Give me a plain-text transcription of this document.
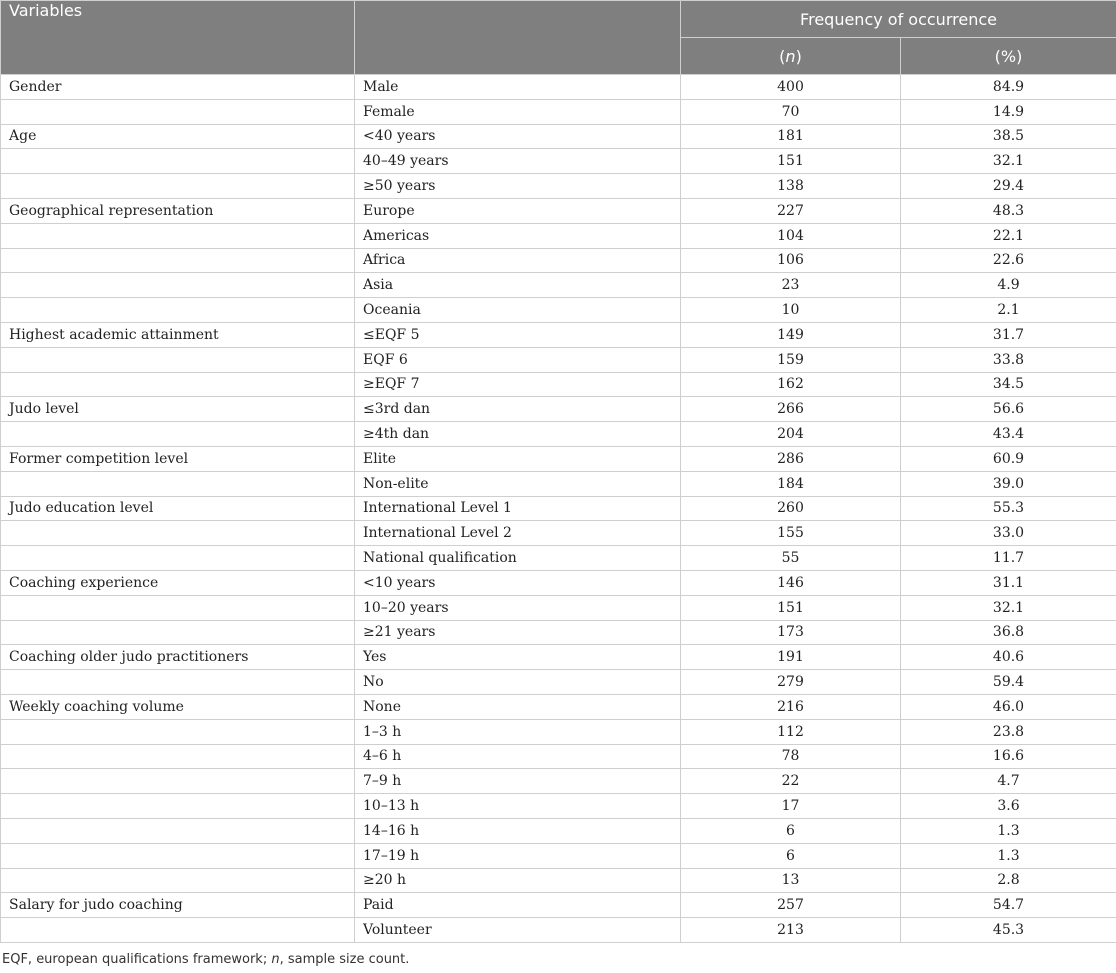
Variables		Frequency of occurrence	
		(n)	(%)
Gender	Male	400	84.9
	Female	70	14.9
Age	<40 years	181	38.5
	40–49 years	151	32.1
	≥50 years	138	29.4
Geographical representation	Europe	227	48.3
	Americas	104	22.1
	Africa	106	22.6
	Asia	23	4.9
	Oceania	10	2.1
Highest academic attainment	≤EQF 5	149	31.7
	EQF 6	159	33.8
	≥EQF 7	162	34.5
Judo level	≤3rd dan	266	56.6
	≥4th dan	204	43.4
Former competition level	Elite	286	60.9
	Non-elite	184	39.0
Judo education level	International Level 1	260	55.3
	International Level 2	155	33.0
	National qualification	55	11.7
Coaching experience	<10 years	146	31.1
	10–20 years	151	32.1
	≥21 years	173	36.8
Coaching older judo practitioners	Yes	191	40.6
	No	279	59.4
Weekly coaching volume	None	216	46.0
	1–3 h	112	23.8
	4–6 h	78	16.6
	7–9 h	22	4.7
	10–13 h	17	3.6
	14–16 h	6	1.3
	17–19 h	6	1.3
	≥20 h	13	2.8
Salary for judo coaching	Paid	257	54.7
	Volunteer	213	45.3

EQF, european qualifications framework; n, sample size count.
